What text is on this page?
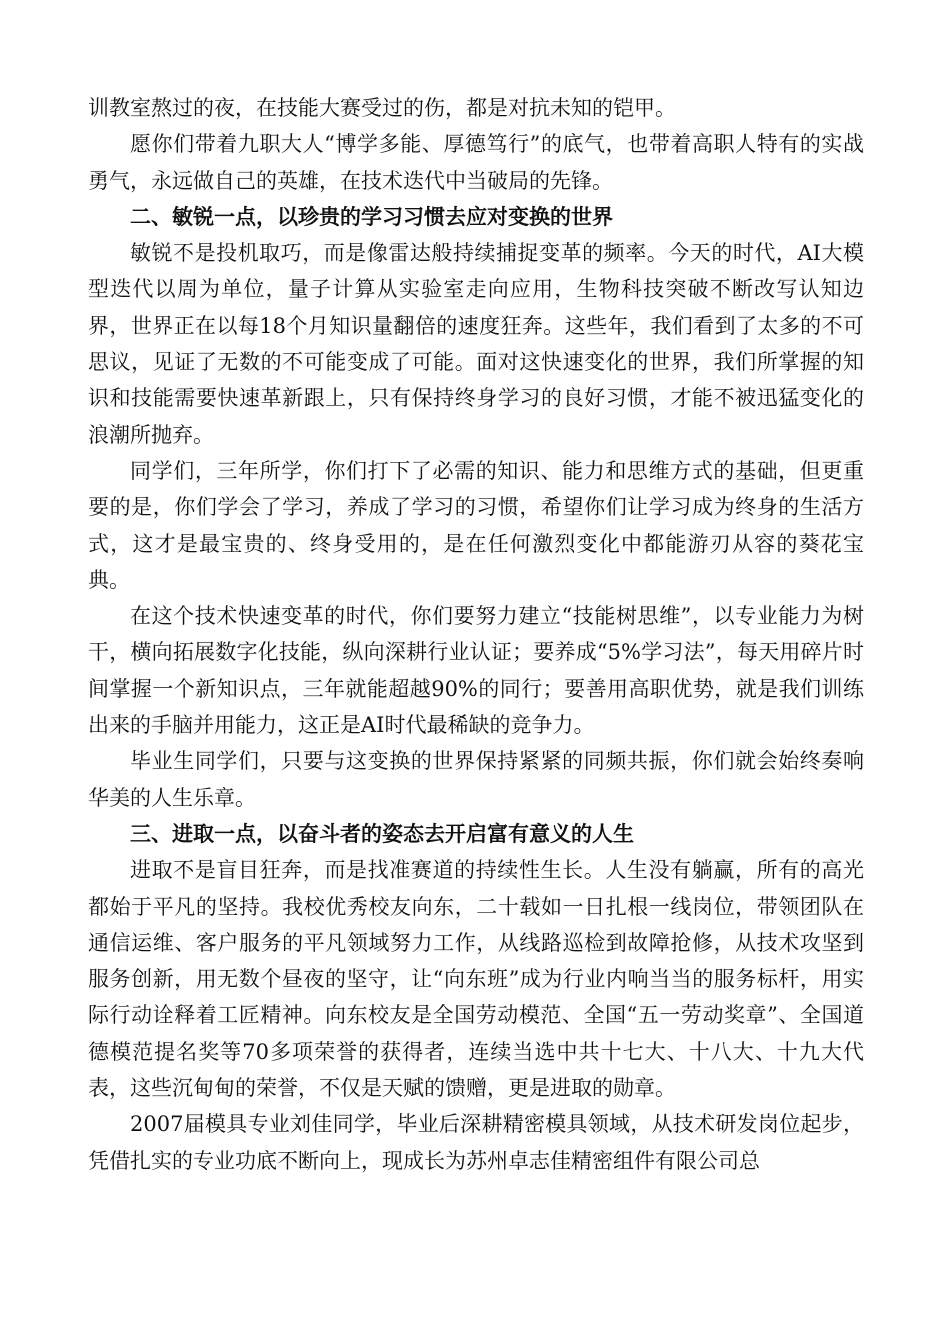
训教室熬过的夜，在技能大赛受过的伤，都是对抗未知的铠甲。

愿你们带着九职大人“博学多能、厚德笃行”的底气，也带着高职人特有的实战勇气，永远做自己的英雄，在技术迭代中当破局的先锋。

二、敏锐一点，以珍贵的学习习惯去应对变换的世界

敏锐不是投机取巧，而是像雷达般持续捕捉变革的频率。今天的时代，AI大模型迭代以周为单位，量子计算从实验室走向应用，生物科技突破不断改写认知边界，世界正在以每18个月知识量翻倍的速度狂奔。这些年，我们看到了太多的不可思议，见证了无数的不可能变成了可能。面对这快速变化的世界，我们所掌握的知识和技能需要快速革新跟上，只有保持终身学习的良好习惯，才能不被迅猛变化的浪潮所抛弃。

同学们，三年所学，你们打下了必需的知识、能力和思维方式的基础，但更重要的是，你们学会了学习，养成了学习的习惯，希望你们让学习成为终身的生活方式，这才是最宝贵的、终身受用的，是在任何激烈变化中都能游刃从容的葵花宝典。

在这个技术快速变革的时代，你们要努力建立“技能树思维”，以专业能力为树干，横向拓展数字化技能，纵向深耕行业认证；要养成“5%学习法”，每天用碎片时间掌握一个新知识点，三年就能超越90%的同行；要善用高职优势，就是我们训练出来的手脑并用能力，这正是AI时代最稀缺的竞争力。

毕业生同学们，只要与这变换的世界保持紧紧的同频共振，你们就会始终奏响华美的人生乐章。

三、进取一点，以奋斗者的姿态去开启富有意义的人生

进取不是盲目狂奔，而是找准赛道的持续性生长。人生没有躺赢，所有的高光都始于平凡的坚持。我校优秀校友向东，二十载如一日扎根一线岗位，带领团队在通信运维、客户服务的平凡领域努力工作，从线路巡检到故障抢修，从技术攻坚到服务创新，用无数个昼夜的坚守，让“向东班”成为行业内响当当的服务标杆，用实际行动诠释着工匠精神。向东校友是全国劳动模范、全国“五一劳动奖章”、全国道德模范提名奖等70多项荣誉的获得者，连续当选中共十七大、十八大、十九大代表，这些沉甸甸的荣誉，不仅是天赋的馈赠，更是进取的勋章。

2007届模具专业刘佳同学，毕业后深耕精密模具领域，从技术研发岗位起步，凭借扎实的专业功底不断向上，现成长为苏州卓志佳精密组件有限公司总
